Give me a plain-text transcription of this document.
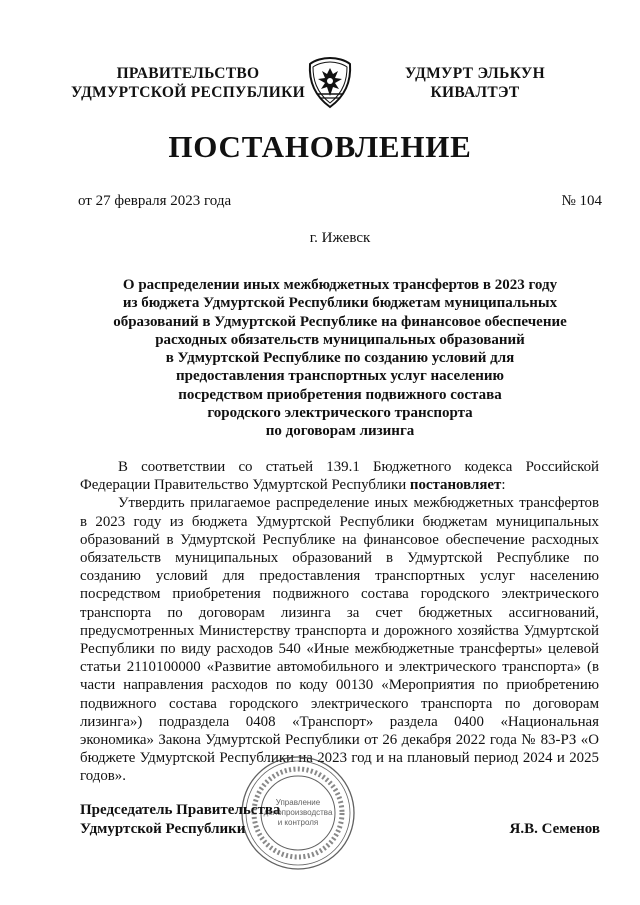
ПРАВИТЕЛЬСТВО
УДМУРТСКОЙ РЕСПУБЛИКИ
УДМУРТ ЭЛЬКУН
КИВАЛТЭТ
ПОСТАНОВЛЕНИЕ
от 27 февраля 2023 года	№ 104
г. Ижевск
О распределении иных межбюджетных трансфертов в 2023 году
из бюджета Удмуртской Республики бюджетам муниципальных
образований в Удмуртской Республике на финансовое обеспечение
расходных обязательств муниципальных образований
в Удмуртской Республике по созданию условий для
предоставления транспортных услуг населению
посредством приобретения подвижного состава
городского электрического транспорта
по договорам лизинга

В соответствии со статьей 139.1 Бюджетного кодекса Российской Федерации Правительство Удмуртской Республики постановляет:

Утвердить прилагаемое распределение иных межбюджетных трансфертов в 2023 году из бюджета Удмуртской Республики бюджетам муниципальных образований в Удмуртской Республике на финансовое обеспечение расходных обязательств муниципальных образований в Удмуртской Республике по созданию условий для предоставления транспортных услуг населению посредством приобретения подвижного состава городского электрического транспорта по договорам лизинга за счет бюджетных ассигнований, предусмотренных Министерству транспорта и дорожного хозяйства Удмуртской Республики по виду расходов 540 «Иные межбюджетные трансферты» целевой статьи 2110100000 «Развитие автомобильного и электрического транспорта» (в части направления расходов по коду 00130 «Мероприятия по приобретению подвижного состава городского электрического транспорта по договорам лизинга») подраздела 0408 «Транспорт» раздела 0400 «Национальная экономика» Закона Удмуртской Республики от 26 декабря 2022 года № 83-РЗ «О бюджете Удмуртской Республики на 2023 год и на плановый период 2024 и 2025 годов».

Управление
делопроизводства
и контроля
Председатель Правительства
Удмуртской Республики	Я.В. Семенов
